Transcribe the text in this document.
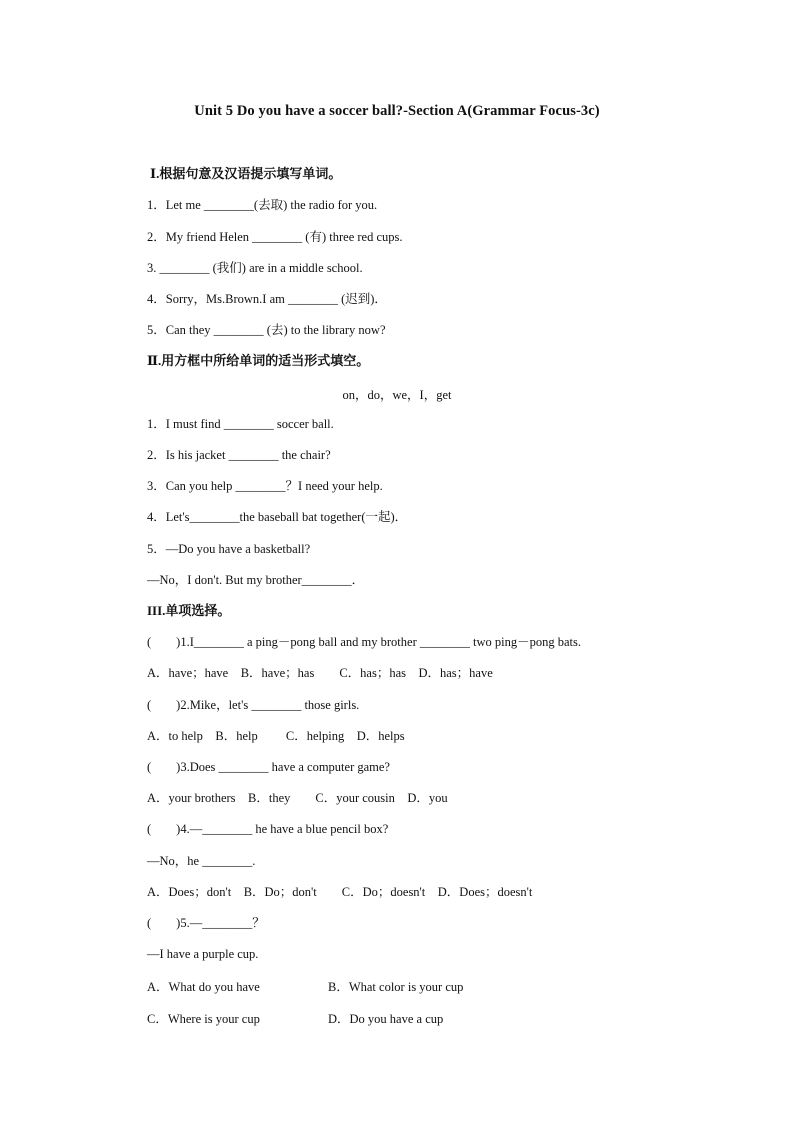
Unit 5 Do you have a soccer ball?-Section A(Grammar Focus-3c)
Ⅰ.根据句意及汉语提示填写单词。
1．Let me ________(去取) the radio for you.
2．My friend Helen ________ (有) three red cups.
3. ________ (我们) are in a middle school.
4．Sorry，Ms.Brown.I am ________ (迟到)．
5．Can they ________ (去) to the library now?
Ⅱ.用方框中所给单词的适当形式填空。
on，do，we，I，get
1．I must find ________ soccer ball.
2．Is his jacket ________ the chair?
3．Can you help ________？I need your help.
4．Let's________the baseball bat together(一起)．
5．—Do you have a basketball?
—No，I don't. But my brother________．
III.单项选择。
(　　)1.I________ a ping－pong ball and my brother ________ two ping－pong bats.
A．have；have　B．have；has　　C．has；has　D．has；have
(　　)2.Mike，let's ________ those girls.
A．to help　B．help　　 C．helping　D．helps
(　　)3.Does ________ have a computer game?
A．your brothers　B．they　　C．your cousin　D．you
(　　)4.—________ he have a blue pencil box?
—No，he ________.
A．Does；don't　B．Do；don't　　C．Do；doesn't　D．Does；doesn't
(　　)5.—________？
—I have a purple cup.
A．What do you have	B．What color is your cup
C．Where is your cup	D．Do you have a cup
